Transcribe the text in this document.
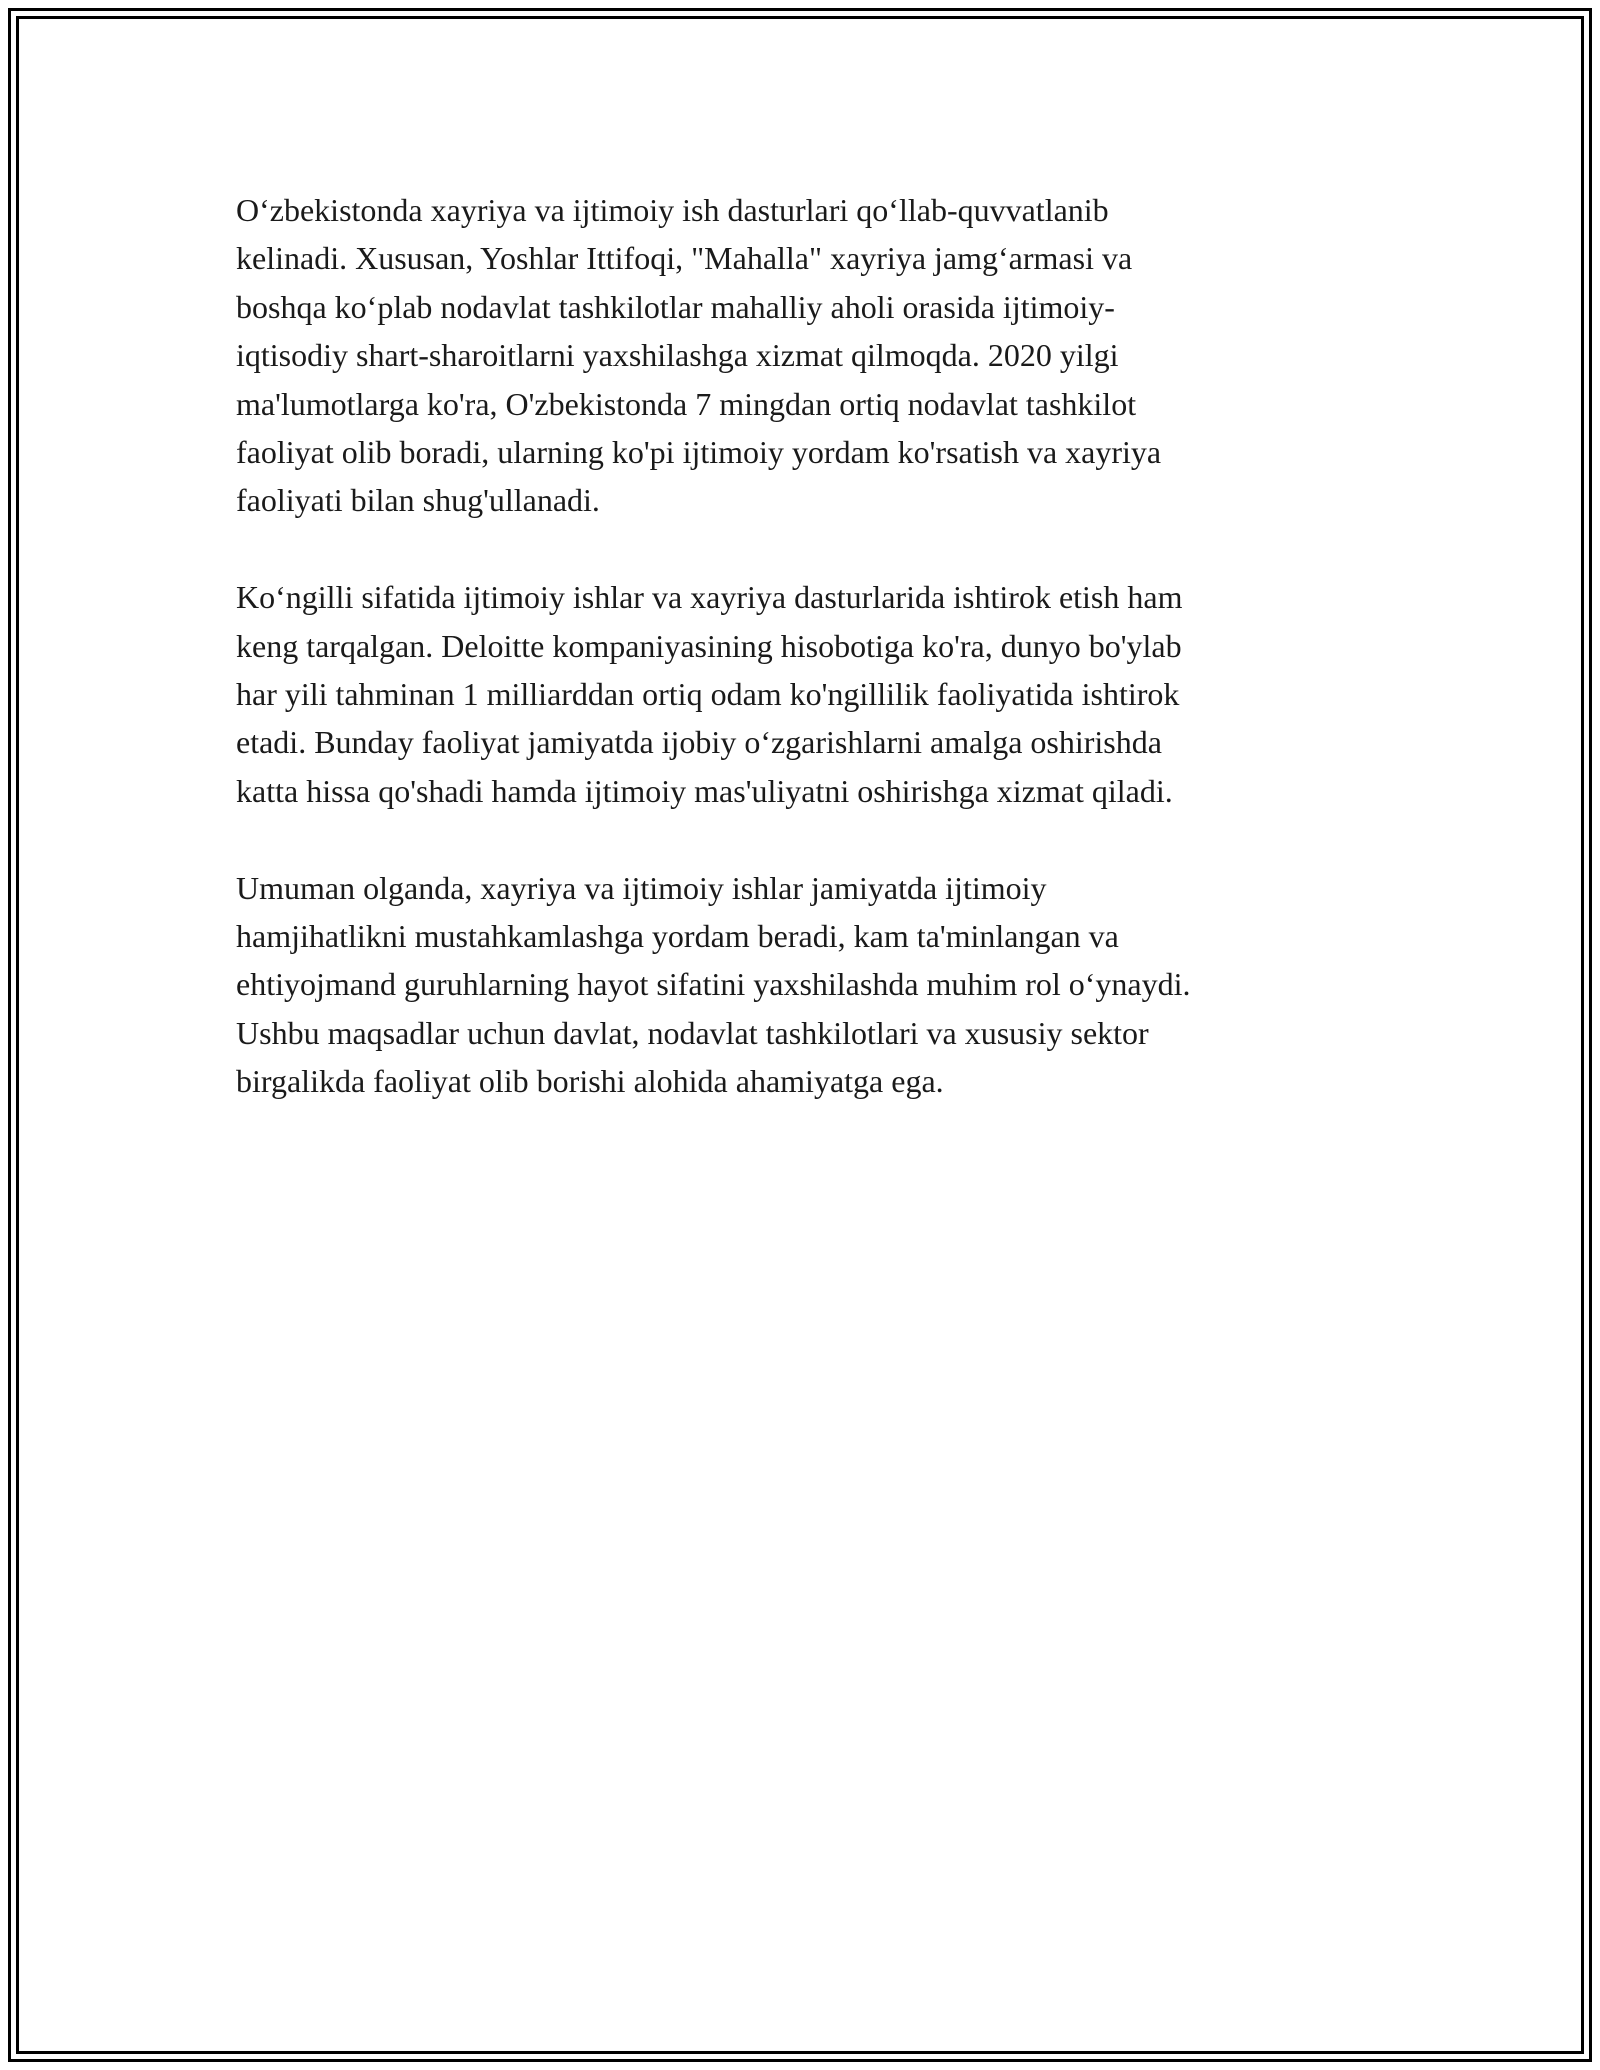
O‘zbekistonda xayriya va ijtimoiy ish dasturlari qo‘llab-quvvatlanib
kelinadi. Xususan, Yoshlar Ittifoqi, "Mahalla" xayriya jamg‘armasi va
boshqa ko‘plab nodavlat tashkilotlar mahalliy aholi orasida ijtimoiy-
iqtisodiy shart-sharoitlarni yaxshilashga xizmat qilmoqda. 2020 yilgi
ma'lumotlarga ko'ra, O'zbekistonda 7 mingdan ortiq nodavlat tashkilot
faoliyat olib boradi, ularning ko'pi ijtimoiy yordam ko'rsatish va xayriya
faoliyati bilan shug'ullanadi.

Ko‘ngilli sifatida ijtimoiy ishlar va xayriya dasturlarida ishtirok etish ham
keng tarqalgan. Deloitte kompaniyasining hisobotiga ko'ra, dunyo bo'ylab
har yili tahminan 1 milliarddan ortiq odam ko'ngillilik faoliyatida ishtirok
etadi. Bunday faoliyat jamiyatda ijobiy o‘zgarishlarni amalga oshirishda
katta hissa qo'shadi hamda ijtimoiy mas'uliyatni oshirishga xizmat qiladi.

Umuman olganda, xayriya va ijtimoiy ishlar jamiyatda ijtimoiy
hamjihatlikni mustahkamlashga yordam beradi, kam ta'minlangan va
ehtiyojmand guruhlarning hayot sifatini yaxshilashda muhim rol o‘ynaydi.
Ushbu maqsadlar uchun davlat, nodavlat tashkilotlari va xususiy sektor
birgalikda faoliyat olib borishi alohida ahamiyatga ega.
